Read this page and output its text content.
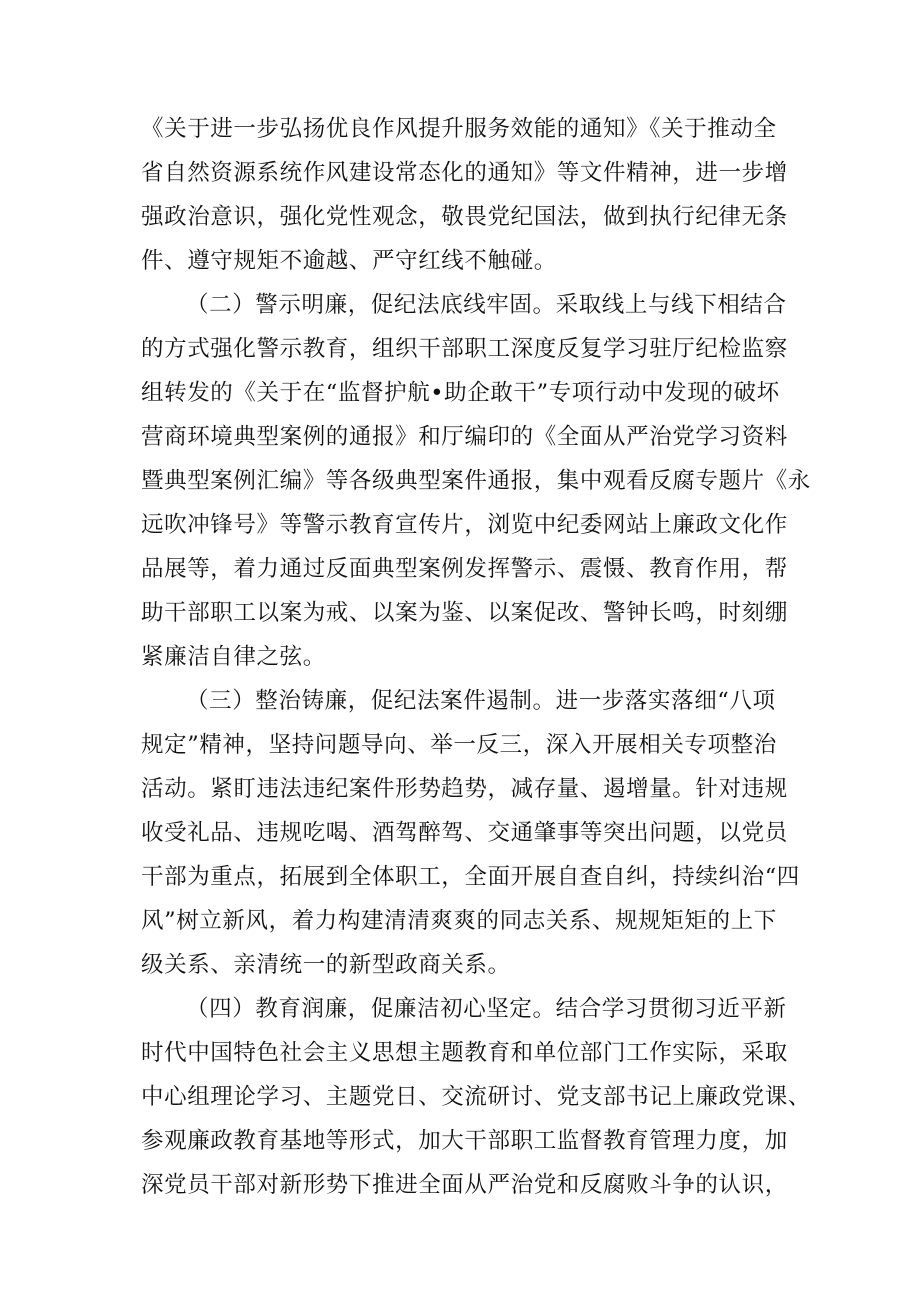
《关于进一步弘扬优良作风提升服务效能的通知》《关于推动全
省自然资源系统作风建设常态化的通知》等文件精神，进一步增
强政治意识，强化党性观念，敬畏党纪国法，做到执行纪律无条
件、遵守规矩不逾越、严守红线不触碰。
（二）警示明廉，促纪法底线牢固。采取线上与线下相结合
的方式强化警示教育，组织干部职工深度反复学习驻厅纪检监察
组转发的《关于在“监督护航•助企敢干”专项行动中发现的破坏
营商环境典型案例的通报》和厅编印的《全面从严治党学习资料
暨典型案例汇编》等各级典型案件通报，集中观看反腐专题片《永
远吹冲锋号》等警示教育宣传片，浏览中纪委网站上廉政文化作
品展等，着力通过反面典型案例发挥警示、震慑、教育作用，帮
助干部职工以案为戒、以案为鉴、以案促改、警钟长鸣，时刻绷
紧廉洁自律之弦。
（三）整治铸廉，促纪法案件遏制。进一步落实落细“八项
规定”精神，坚持问题导向、举一反三，深入开展相关专项整治
活动。紧盯违法违纪案件形势趋势，减存量、遏增量。针对违规
收受礼品、违规吃喝、酒驾醉驾、交通肇事等突出问题，以党员
干部为重点，拓展到全体职工，全面开展自查自纠，持续纠治“四
风”树立新风，着力构建清清爽爽的同志关系、规规矩矩的上下
级关系、亲清统一的新型政商关系。
（四）教育润廉，促廉洁初心坚定。结合学习贯彻习近平新
时代中国特色社会主义思想主题教育和单位部门工作实际，采取
中心组理论学习、主题党日、交流研讨、党支部书记上廉政党课、
参观廉政教育基地等形式，加大干部职工监督教育管理力度，加
深党员干部对新形势下推进全面从严治党和反腐败斗争的认识，
